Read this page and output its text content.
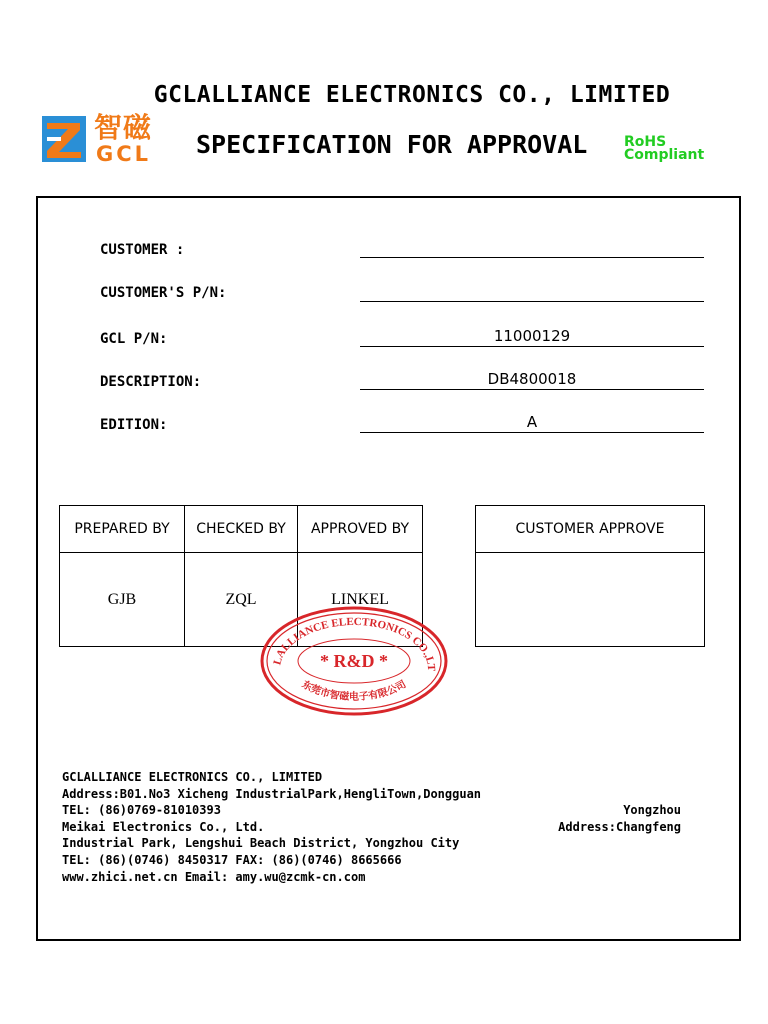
GCLALLIANCE ELECTRONICS CO., LIMITED
智磁
GCL SPECIFICATION FOR APPROVAL	RoHS
Compliant
CUSTOMER :
CUSTOMER'S P/N:
GCL P/N:	11000129
DESCRIPTION:	DB4800018
EDITION:	A
PREPARED BY	CHECKED BY	APPROVED BY
GJB	ZQL	LINKEL
CUSTOMER APPROVE

LALLIANCE ELECTRONICS CO.,LT
* R&D *
东莞市智磁电子有限公司
GCLALLIANCE ELECTRONICS CO., LIMITED
Address:B01.No3 Xicheng IndustrialPark,HengliTown,Dongguan
TEL: (86)0769-81010393
Meikai Electronics Co., Ltd.
Industrial Park, Lengshui Beach District, Yongzhou City
TEL: (86)(0746) 8450317 FAX: (86)(0746) 8665666
www.zhici.net.cn Email: amy.wu@zcmk-cn.com
Yongzhou
Address:Changfeng
